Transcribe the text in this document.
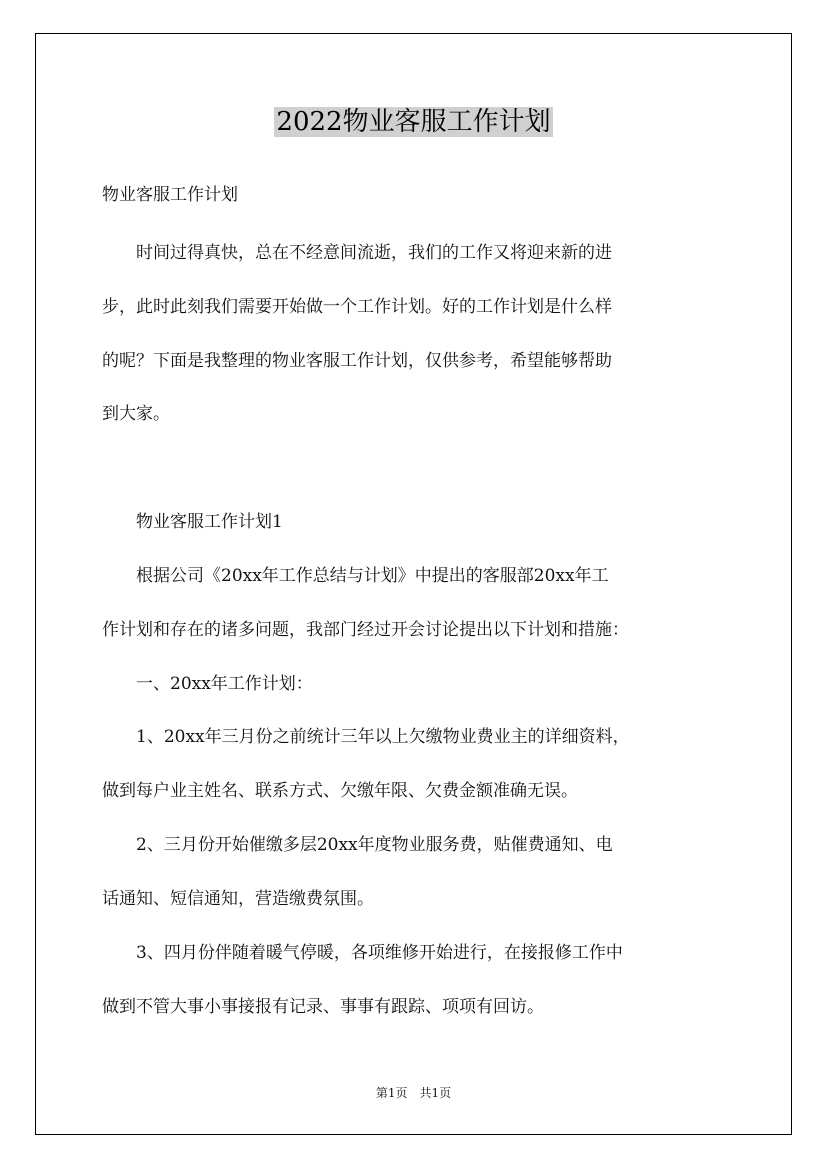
2022物业客服工作计划
物业客服工作计划
　　时间过得真快，总在不经意间流逝，我们的工作又将迎来新的进
步，此时此刻我们需要开始做一个工作计划。好的工作计划是什么样
的呢？下面是我整理的物业客服工作计划，仅供参考，希望能够帮助
到大家。
　　物业客服工作计划1
　　根据公司《20xx年工作总结与计划》中提出的客服部20xx年工
作计划和存在的诸多问题，我部门经过开会讨论提出以下计划和措施：
　　一、20xx年工作计划：
　　1、20xx年三月份之前统计三年以上欠缴物业费业主的详细资料，
做到每户业主姓名、联系方式、欠缴年限、欠费金额准确无误。
　　2、三月份开始催缴多层20xx年度物业服务费，贴催费通知、电
话通知、短信通知，营造缴费氛围。
　　3、四月份伴随着暖气停暖，各项维修开始进行，在接报修工作中
做到不管大事小事接报有记录、事事有跟踪、项项有回访。
第1页　共1页
